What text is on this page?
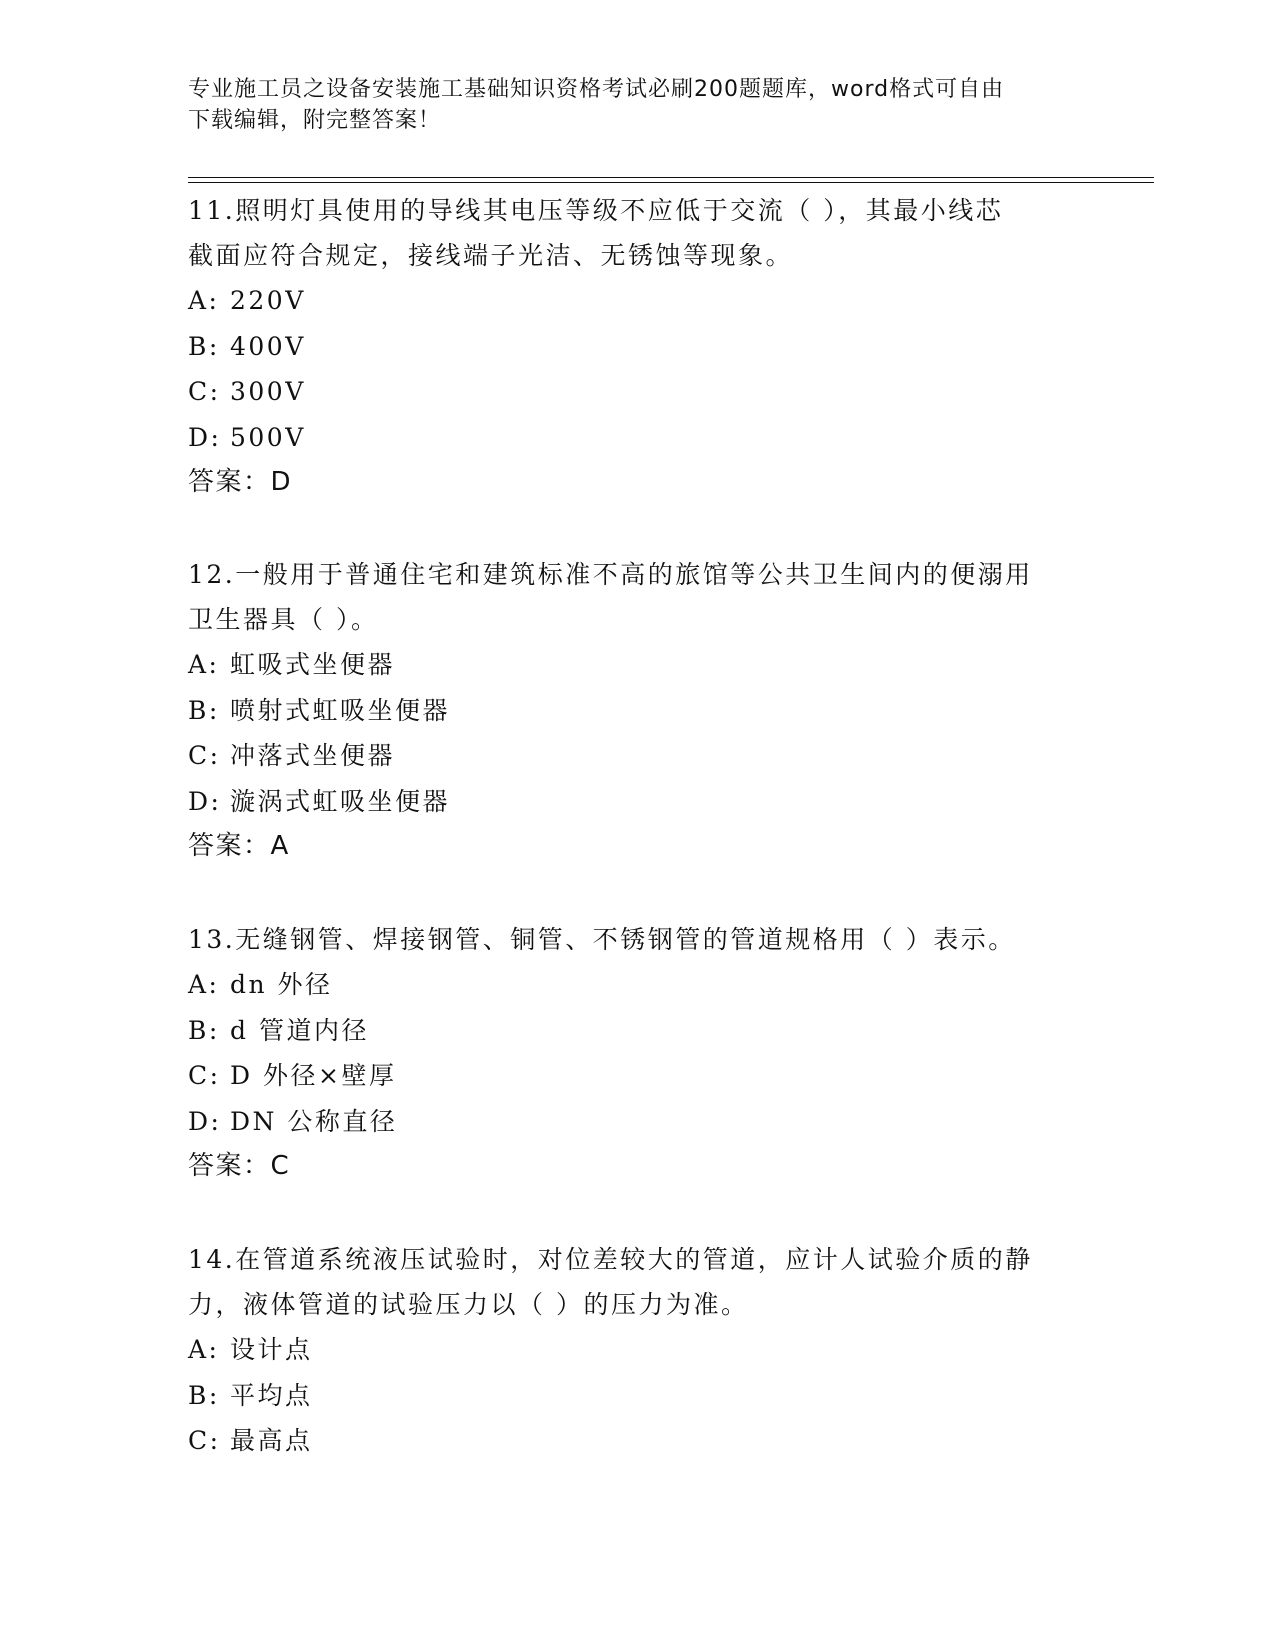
专业施工员之设备安装施工基础知识资格考试必刷200题题库，word格式可自由
下载编辑，附完整答案！

11.照明灯具使用的导线其电压等级不应低于交流（ ），其最小线芯

截面应符合规定，接线端子光洁、无锈蚀等现象。

A: 220V

B: 400V

C: 300V

D: 500V

答案：D

12.一般用于普通住宅和建筑标准不高的旅馆等公共卫生间内的便溺用

卫生器具（ ）。

A: 虹吸式坐便器

B: 喷射式虹吸坐便器

C: 冲落式坐便器

D: 漩涡式虹吸坐便器

答案：A

13.无缝钢管、焊接钢管、铜管、不锈钢管的管道规格用（ ）表示。

A: dn 外径

B: d 管道内径

C: D 外径×壁厚

D: DN 公称直径

答案：C

14.在管道系统液压试验时，对位差较大的管道，应计人试验介质的静

力，液体管道的试验压力以（ ）的压力为准。

A: 设计点

B: 平均点

C: 最高点
